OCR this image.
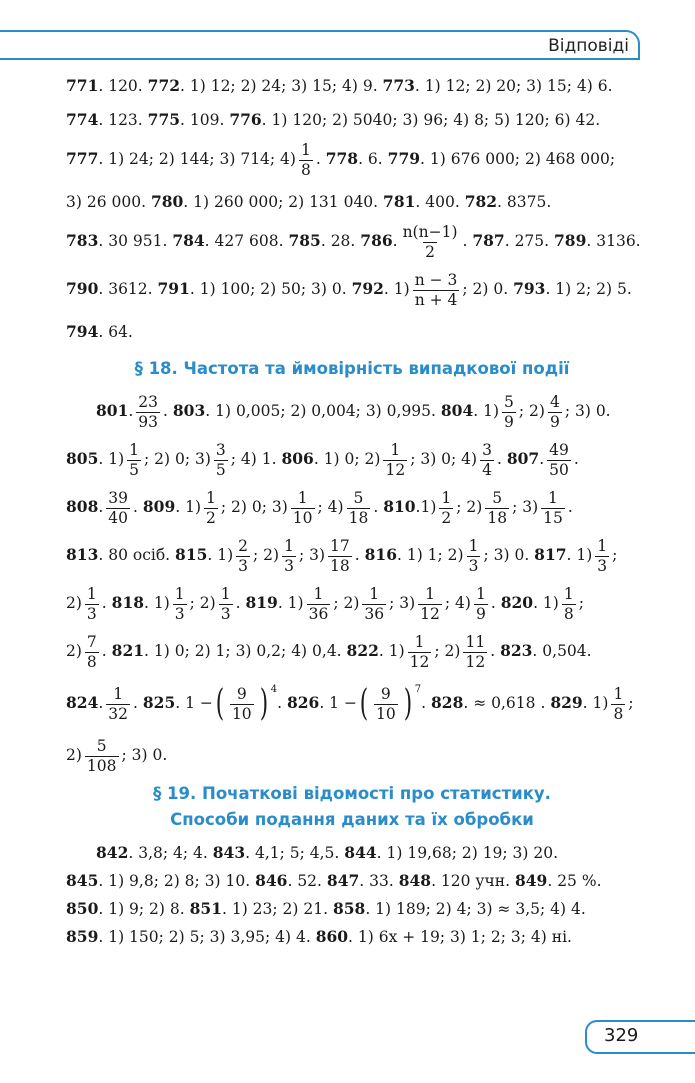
Відповіді
771. 120. 772. 1) 12; 2) 24; 3) 15; 4) 9. 773. 1) 12; 2) 20; 3) 15; 4) 6.
774. 123. 775. 109. 776. 1) 120; 2) 5040; 3) 96; 4) 8; 5) 120; 6) 42.
777. 1) 24; 2) 144; 3) 714; $4) \frac{1}{8}$ . 778. 6. 779. 1) 676 000; 2) 468 000;
3) 26 000. 780. 1) 260 000; 2) 131 040. 781. 400. 782. 8375.
783. 30 951. 784. 427 608. 785. 28. 786. $\frac{n(n-1)}{2}$ . 787. 275. 789. 3136.
790. 3612. 791. 1) 100; 2) 50; 3) 0. 792. $1) \frac{n - 3}{n + 4}$ ; 2) 0. 793. 1) 2; 2) 5.
794. 64.
§ 18. Частота та ймовірність випадкової події
801. $\frac{23}{93}$ . 803. 1) 0,005; 2) 0,004; 3) 0,995. 804. $1) \frac{5}{9}$ ; $2) \frac{4}{9}$ ; 3) 0.
805. $1) \frac{1}{5}$ ; 2) 0; $3) \frac{3}{5}$ ; 4) 1. 806. 1) 0; $2) \frac{1}{12}$ ; 3) 0; $4) \frac{3}{4}$ . 807. $\frac{49}{50}$ .
808. $\frac{39}{40}$ . 809. $1) \frac{1}{2}$ ; 2) 0; $3) \frac{1}{10}$ ; $4) \frac{5}{18}$ . $810.1) \frac{1}{2}$ ; $2) \frac{5}{18}$ ; $3) \frac{1}{15}$ .
813. 80 осіб. 815. $1) \frac{2}{3}$ ; $2) \frac{1}{3}$ ; $3) \frac{17}{18}$ . 816. 1) 1; $2) \frac{1}{3}$ ; 3) 0. 817. $1) \frac{1}{3}$ ;
$2) \frac{1}{3}$ . 818. $1) \frac{1}{3}$ ; $2) \frac{1}{3}$ . 819. $1) \frac{1}{36}$ ; $2) \frac{1}{36}$ ; $3) \frac{1}{12}$ ; $4) \frac{1}{9}$ . 820. $1) \frac{1}{8}$ ;
$2) \frac{7}{8}$ . 821. 1) 0; 2) 1; 3) 0,2; 4) 0,4. 822. $1) \frac{1}{12}$ ; $2) \frac{11}{12}$ . 823. 0,504.
824. $\frac{1}{32}$ . 825. 1 − ( $\frac{9}{10}$ ) 4
. 826. 1 − ( $\frac{9}{10}$ ) 7
. 828. ≈ 0,618 . 829. $1) \frac{1}{8}$ ;
$2) \frac{5}{108}$ ; 3) 0.
§ 19. Початкові відомості про статистику.
Способи подання даних та їх обробки
842. 3,8; 4; 4. 843. 4,1; 5; 4,5. 844. 1) 19,68; 2) 19; 3) 20.
845. 1) 9,8; 2) 8; 3) 10. 846. 52. 847. 33. 848. 120 учн. 849. 25 %.
850. 1) 9; 2) 8. 851. 1) 23; 2) 21. 858. 1) 189; 2) 4; 3) ≈ 3,5; 4) 4.
859. 1) 150; 2) 5; 3) 3,95; 4) 4. 860. 1) 6x + 19; 3) 1; 2; 3; 4) ні.
329
